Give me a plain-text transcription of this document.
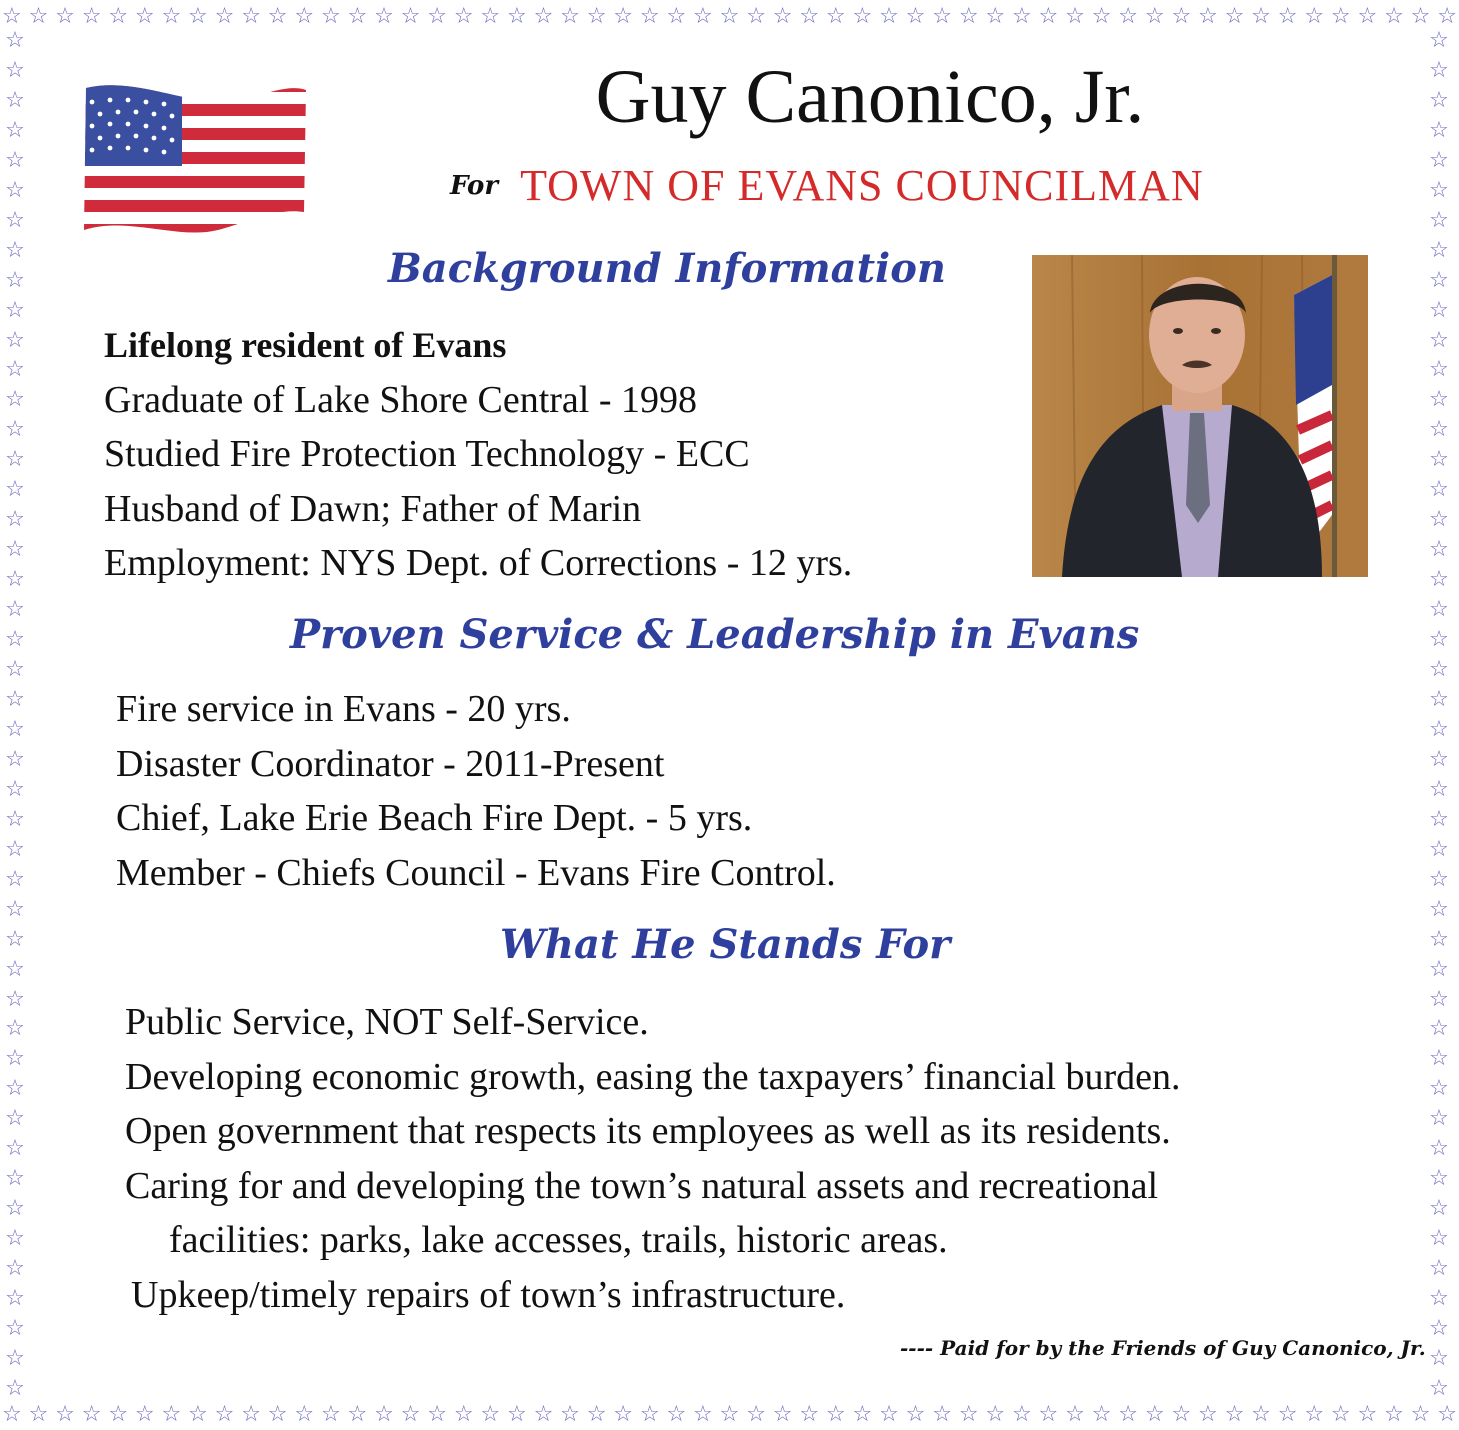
☆ ☆ ☆ ☆ ☆ ☆ ☆ ☆ ☆ ☆ ☆ ☆ ☆ ☆ ☆ ☆ ☆ ☆ ☆ ☆ ☆ ☆ ☆ ☆ ☆ ☆ ☆ ☆ ☆ ☆ ☆ ☆ ☆ ☆ ☆ ☆ ☆ ☆ ☆ ☆ ☆ ☆ ☆ ☆ ☆ ☆ ☆ ☆ ☆ ☆ ☆ ☆ ☆ ☆ ☆
☆ ☆ ☆ ☆ ☆ ☆ ☆ ☆ ☆ ☆ ☆ ☆ ☆ ☆ ☆ ☆ ☆ ☆ ☆ ☆ ☆ ☆ ☆ ☆ ☆ ☆ ☆ ☆ ☆ ☆ ☆ ☆ ☆ ☆ ☆ ☆ ☆ ☆ ☆ ☆ ☆ ☆ ☆ ☆ ☆ ☆ ☆ ☆ ☆ ☆ ☆ ☆ ☆ ☆ ☆
☆
☆
☆
☆
☆
☆
☆
☆
☆
☆
☆
☆
☆
☆
☆
☆
☆
☆
☆
☆
☆
☆
☆
☆
☆
☆
☆
☆
☆
☆
☆
☆
☆
☆
☆
☆
☆
☆
☆
☆
☆
☆
☆
☆
☆
☆
☆
☆
☆
☆
☆
☆
☆
☆
☆
☆
☆
☆
☆
☆
☆
☆
☆
☆
☆
☆
☆
☆
☆
☆
☆
☆
☆
☆
☆
☆
☆
☆
☆
☆
☆
☆
☆
☆
☆
☆
☆
☆
☆
☆
☆
☆
Guy Canonico, Jr.
For TOWN OF EVANS COUNCILMAN
Background Information
Lifelong resident of Evans
Graduate of Lake Shore Central - 1998
Studied Fire Protection Technology - ECC
Husband of Dawn; Father of Marin
Employment: NYS Dept. of Corrections - 12 yrs.
Proven Service & Leadership in Evans
Fire service in Evans - 20 yrs.
Disaster Coordinator - 2011-Present
Chief, Lake Erie Beach Fire Dept. - 5 yrs.
Member - Chiefs Council - Evans Fire Control.
What He Stands For
Public Service, NOT Self-Service.
Developing economic growth, easing the taxpayers’ financial burden.
Open government that respects its employees as well as its residents.
Caring for and developing the town’s natural assets and recreational
facilities: parks, lake accesses, trails, historic areas.
Upkeep/timely repairs of town’s infrastructure.
---- Paid for by the Friends of Guy Canonico, Jr.
